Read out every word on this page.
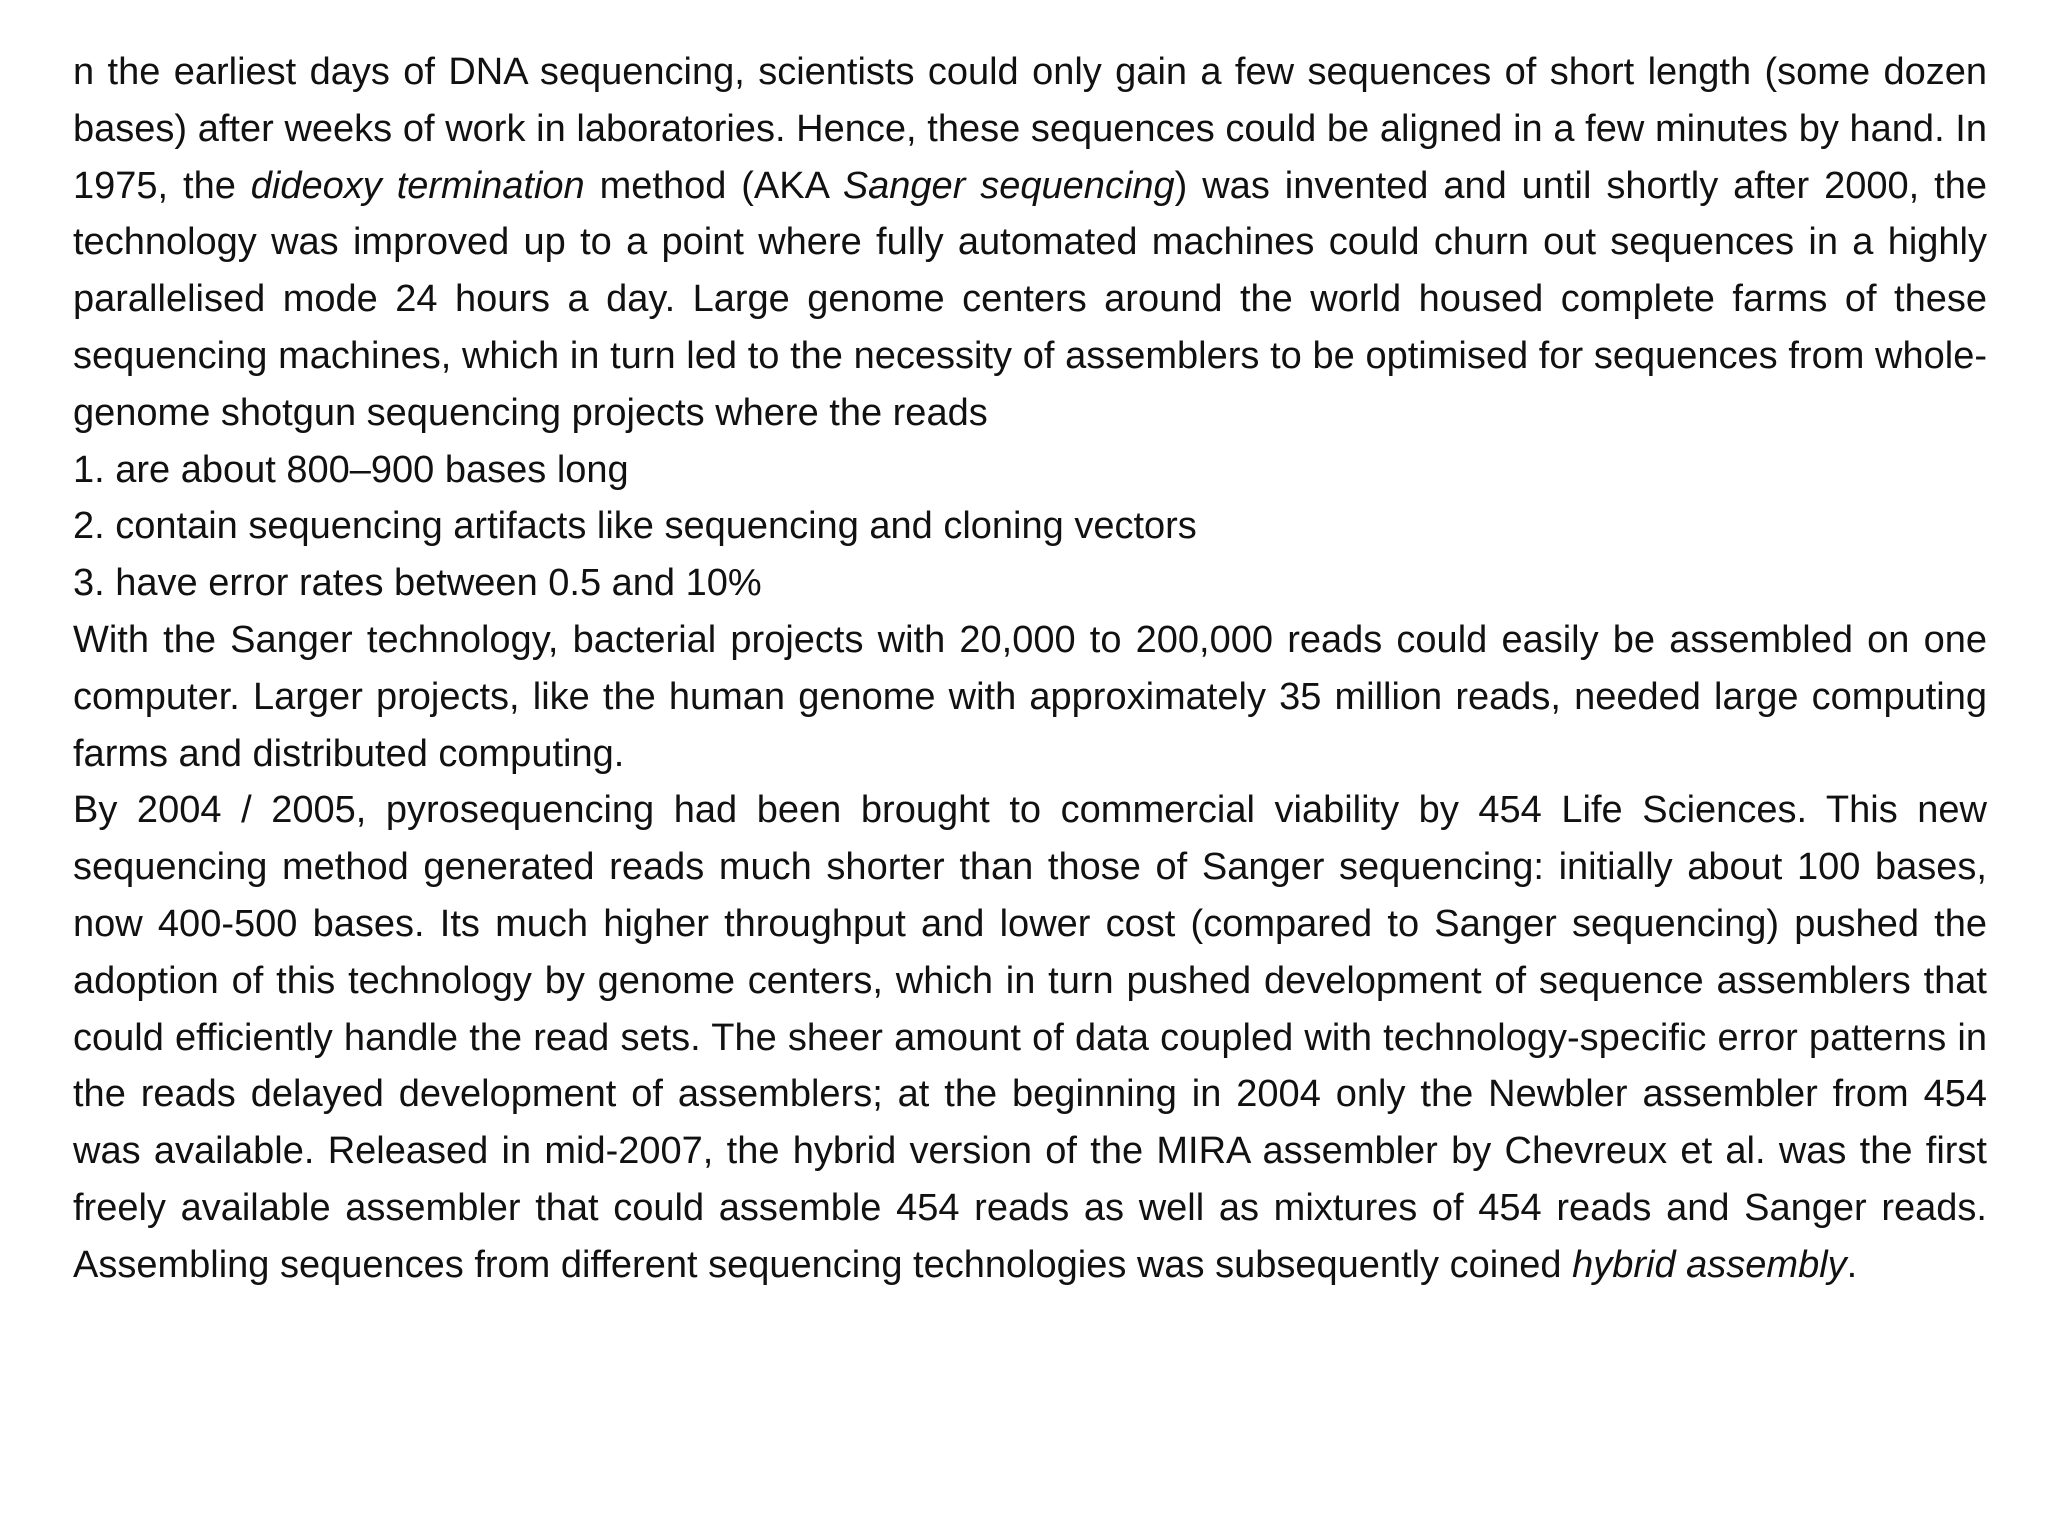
n the earliest days of DNA sequencing, scientists could only gain a few sequences of short length (some dozen bases) after weeks of work in laboratories. Hence, these sequences could be aligned in a few minutes by hand. In 1975, the dideoxy termination method (AKA Sanger sequencing) was invented and until shortly after 2000, the technology was improved up to a point where fully automated machines could churn out sequences in a highly parallelised mode 24 hours a day. Large genome centers around the world housed complete farms of these sequencing machines, which in turn led to the necessity of assemblers to be optimised for sequences from whole-genome shotgun sequencing projects where the reads

1. are about 800–900 bases long

2. contain sequencing artifacts like sequencing and cloning vectors

3. have error rates between 0.5 and 10%

With the Sanger technology, bacterial projects with 20,000 to 200,000 reads could easily be assembled on one computer. Larger projects, like the human genome with approximately 35 million reads, needed large computing farms and distributed computing.

By 2004 / 2005, pyrosequencing had been brought to commercial viability by 454 Life Sciences. This new sequencing method generated reads much shorter than those of Sanger sequencing: initially about 100 bases, now 400-500 bases. Its much higher throughput and lower cost (compared to Sanger sequencing) pushed the adoption of this technology by genome centers, which in turn pushed development of sequence assemblers that could efficiently handle the read sets. The sheer amount of data coupled with technology-specific error patterns in the reads delayed development of assemblers; at the beginning in 2004 only the Newbler assembler from 454 was available. Released in mid-2007, the hybrid version of the MIRA assembler by Chevreux et al. was the first freely available assembler that could assemble 454 reads as well as mixtures of 454 reads and Sanger reads. Assembling sequences from different sequencing technologies was subsequently coined hybrid assembly.
